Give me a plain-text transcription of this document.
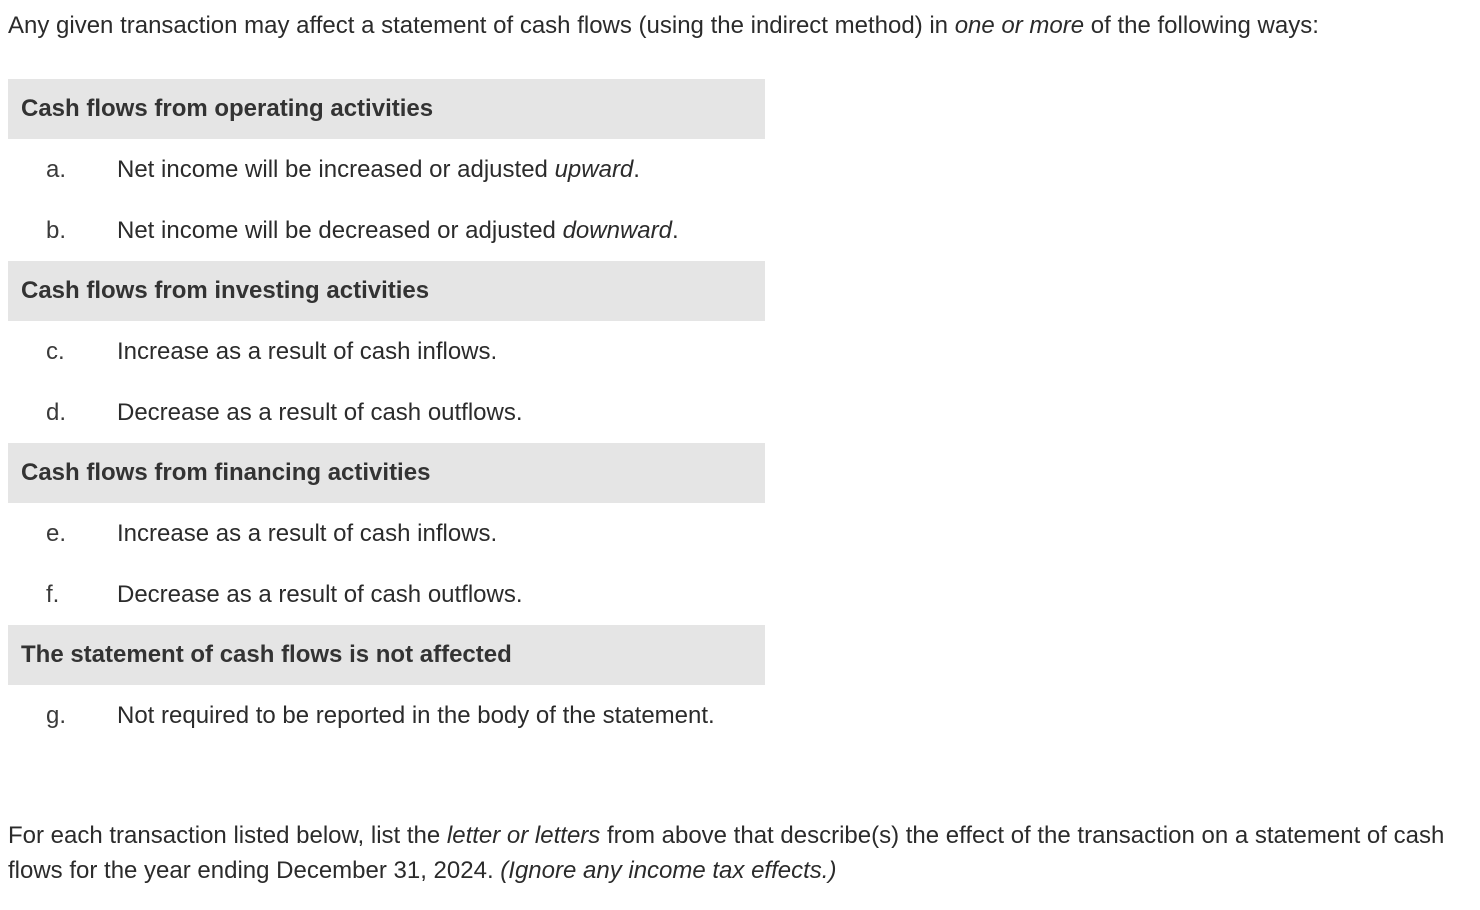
Any given transaction may affect a statement of cash flows (using the indirect method) in one or more of the following ways:
Cash flows from operating activities
a. Net income will be increased or adjusted upward.
b. Net income will be decreased or adjusted downward.
Cash flows from investing activities
c. Increase as a result of cash inflows.
d. Decrease as a result of cash outflows.
Cash flows from financing activities
e. Increase as a result of cash inflows.
f. Decrease as a result of cash outflows.
The statement of cash flows is not affected
g. Not required to be reported in the body of the statement.
For each transaction listed below, list the letter or letters from above that describe(s) the effect of the transaction on a statement of cash flows for the year ending December 31, 2024. (Ignore any income tax effects.)
